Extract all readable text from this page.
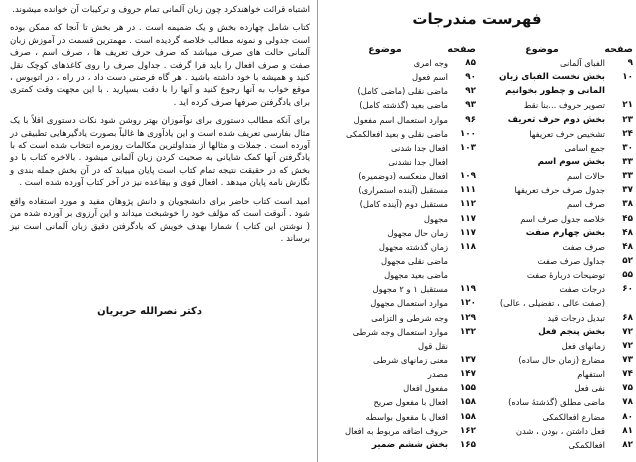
اشتباه قرائت خواهندکرد چون زبان آلمانی تمام حروف و ترکیبات آن خوانده میشوند.

کتاب شامل چهارده بخش و یک ضمیمه است . در هر بخش تا آنجا که ممکن بوده است جدولی و نمونه مطالب خلاصه گردیده است . مهمترین قسمت در آموزش زبان آلمانی حالت های صرف میباشد که صرف حرف تعریف ها ، صرف اسم ، صرف صفت و صرف افعال را باید فرا گرفت . جداول صرف را روی کاغذهای کوچک نقل کنید و همیشه با خود داشته باشید . هر گاه فرصتی دست داد ، در راه ، در اتوبوس ، موقع خواب به آنها رجوع کنید و آنها را با دقت بسپارید . با این مجهت وقت کمتری برای یادگرفتن صرفها صرف کرده اید .

برای آنکه مطالب دستوری برای نوآموزان بهتر روشن شود نکات دستوری اقلاً با یک مثال بفارسی تعریف شده است و این یادآوری ها غالباً بصورت یادگیرهایی تطبیقی در آورده است . جملات و مثالها از متداولترین مکالمات روزمره انتخاب شده است که با یادگرفتن آنها کمک شایانی به صحبت کردن زبان آلمانی میشود . بالاخره کتاب با دو بخش که در حقیقت نتیجه تمام کتاب است پایان مییابد که در آن بخش جمله بندی و نگارش نامه پایان میدهد . افعال قوی و بیقاعده نیز در آخر کتاب آورده شده است .

امید است کتاب حاضر برای دانشجویان و دانش پژوهان مفید و مورد استفاده واقع شود . آنوقت است که مؤلف خود را خوشبخت میداند و این آرزوی بر آورده شده من ( نوشتن این کتاب ) شمارا بهدف خویش که یادگرفتن دقیق زبان آلمانی است نیز برساند .

دکتر نصرالله حریریان
فهرست مندرجات
صفحه
موضوع
۹
الفبای آلمانی
۱۰
بخش نخست الفبای زبان
آلمانی و چطور بخوانیم
۲۱
تصویر حروف ...بنا نقط
۲۳
بخش دوم حرف تعریف
۲۴
تشخیص حرف تعریفها
۳۰
جمع اسامی
۳۳
بخش سوم اسم
۳۳
حالات اسم
۳۷
جدول صرف حرف تعریفها
۳۸
صرف اسم
۴۵
خلاصه جدول صرف اسم
۴۸
بخش چهارم صفت
۴۸
صرف صفت
۵۲
جداول صرف صفت
۵۵
توضیحات دربارهٔ صفت
۶۰
درجات صفت
(صفت عالی ، تفضیلی ، عالی)
۶۸
تبدیل درجات قید
۷۲
بخش پنجم فعل
۷۲
زمانهای فعل
۷۳
مضارع (زمان حال ساده)
۷۴
استفهام
۷۵
نفی فعل
۷۸
ماضی مطلق (گذشتهٔ ساده)
۸۰
مضارع افعالکمکی
۸۱
فعل داشتن ، بودن ، شدن
۸۲
افعالکمکی
صفحه
موضوع
۸۵
وجه امری
۹۰
اسم فعول
۹۲
ماضی نقلی (ماضی کامل)
۹۳
ماضی بعید (گذشته کامل)
۹۶
موارد استعمال اسم مفعول
۱۰۰
ماضی نقلی و بعید افعالکمکی
۱۰۳
افعال جدا شدنی
افعال جدا نشدنی
۱۰۹
افعال منعکسه (دوضمیره)
۱۱۱
مستقبل (آینده استمراری)
۱۱۲
مستقبل دوم (آینده کامل)
۱۱۷
مجهول
۱۱۷
زمان حال مجهول
۱۱۸
زمان گذشته مجهول
ماضی نقلی مجهول
ماضی بعید مجهول
۱۱۹
مستقبل ۱ و ۲ مجهول
۱۲۰
موارد استعمال مجهول
۱۲۹
وجه شرطی و التزامی
۱۳۲
موارد استعمال وجه شرطی
نقل قول
۱۳۷
معنی زمانهای شرطی
۱۴۷
مصدر
۱۵۵
مفعول افعال
۱۵۸
افعال با مفعول صریح
۱۵۸
افعال با مفعول بواسطه
۱۶۲
حروف اضافه مربوط به افعال
۱۶۵
بخش ششم ضمیر
